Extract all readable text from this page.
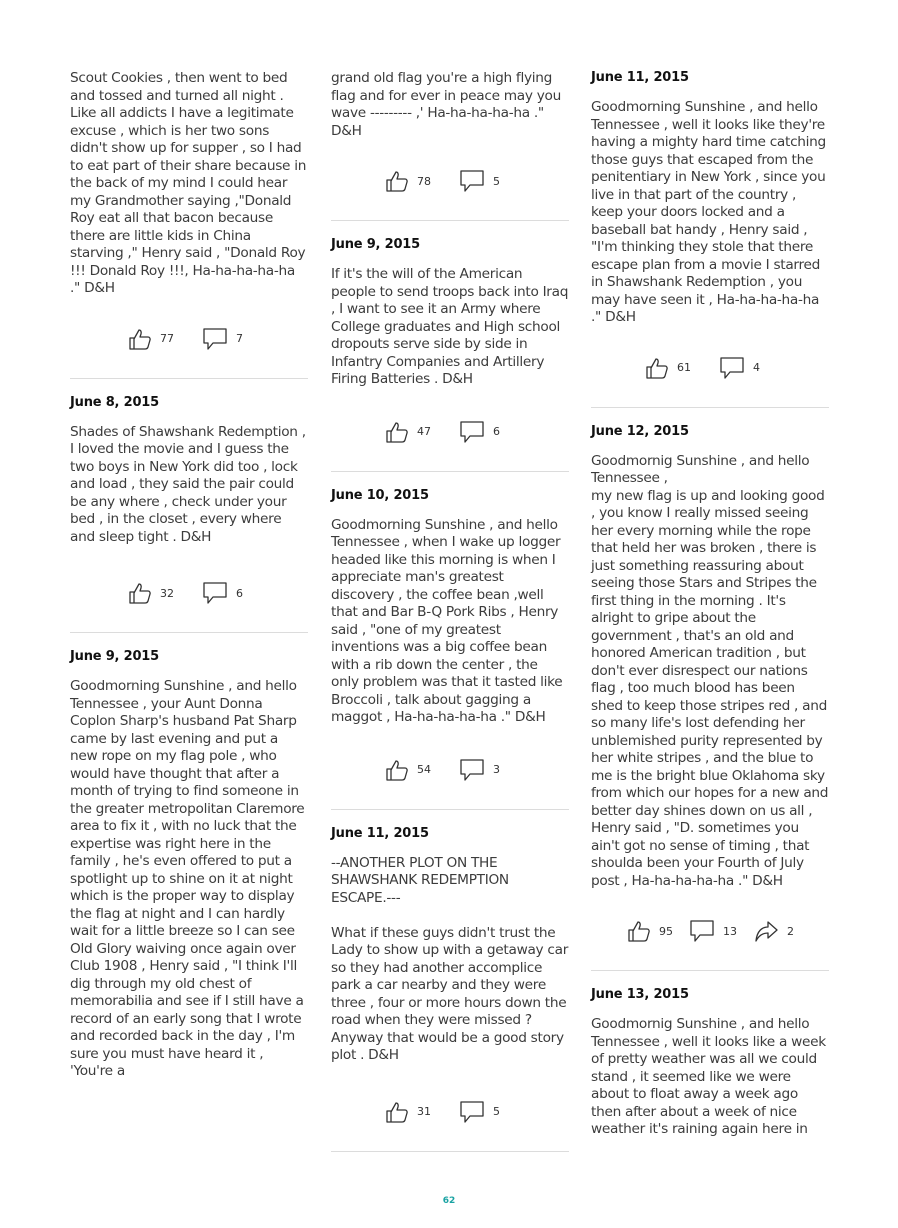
Scout Cookies , then went to bed and tossed and turned all night . Like all addicts I have a legitimate excuse , which is her two sons didn't show up for supper , so I had to eat part of their share because in the back of my mind I could hear my Grandmother saying ,"Donald Roy eat all that bacon because there are little kids in China starving ," Henry said , "Donald Roy !!! Donald Roy !!!, Ha-ha-ha-ha-ha ." D&H

77	7

June 8, 2015

Shades of Shawshank Redemption , I loved the movie and I guess the two boys in New York did too , lock and load , they said the pair could be any where , check under your bed , in the closet , every where and sleep tight . D&H

32	6

June 9, 2015

Goodmorning Sunshine , and hello Tennessee , your Aunt Donna Coplon Sharp's husband Pat Sharp came by last evening and put a new rope on my flag pole , who would have thought that after a month of trying to find someone in the greater metropolitan Claremore area to fix it , with no luck that the expertise was right here in the family , he's even offered to put a spotlight up to shine on it at night which is the proper way to display the flag at night and I can hardly wait for a little breeze so I can see Old Glory waiving once again over Club 1908 , Henry said , "I think I'll dig through my old chest of memorabilia and see if I still have a record of an early song that I wrote and recorded back in the day , I'm sure you must have heard it , 'You're a

grand old flag you're a high flying flag and for ever in peace may you wave --------- ,' Ha-ha-ha-ha-ha ." D&H

78	5

June 9, 2015

If it's the will of the American people to send troops back into Iraq , I want to see it an Army where College graduates and High school dropouts serve side by side in Infantry Companies and Artillery Firing Batteries . D&H

47	6

June 10, 2015

Goodmorning Sunshine , and hello Tennessee , when I wake up logger headed like this morning is when I appreciate man's greatest discovery , the coffee bean ,well that and Bar B-Q Pork Ribs , Henry said , "one of my greatest inventions was a big coffee bean with a rib down the center , the only problem was that it tasted like Broccoli , talk about gagging a maggot , Ha-ha-ha-ha-ha ." D&H

54	3

June 11, 2015

--ANOTHER PLOT ON THE SHAWSHANK REDEMPTION ESCAPE.---

What if these guys didn't trust the Lady to show up with a getaway car so they had another accomplice park a car nearby and they were three , four or more hours down the road when they were missed ? Anyway that would be a good story plot . D&H

31	5

June 11, 2015

Goodmorning Sunshine , and hello Tennessee , well it looks like they're having a mighty hard time catching those guys that escaped from the penitentiary in New York , since you live in that part of the country , keep your doors locked and a baseball bat handy , Henry said , "I'm thinking they stole that there escape plan from a movie I starred in Shawshank Redemption , you may have seen it , Ha-ha-ha-ha-ha ." D&H

61	4

June 12, 2015

Goodmornig Sunshine , and hello Tennessee ,
my new flag is up and looking good , you know I really missed seeing her every morning while the rope that held her was broken , there is just something reassuring about seeing those Stars and Stripes the first thing in the morning . It's alright to gripe about the government , that's an old and honored American tradition , but don't ever disrespect our nations flag , too much blood has been shed to keep those stripes red , and so many life's lost defending her unblemished purity represented by her white stripes , and the blue to me is the bright blue Oklahoma sky from which our hopes for a new and better day shines down on us all , Henry said , "D. sometimes you ain't got no sense of timing , that shoulda been your Fourth of July post , Ha-ha-ha-ha-ha ." D&H

95	13	2

June 13, 2015

Goodmornig Sunshine , and hello Tennessee , well it looks like a week of pretty weather was all we could stand , it seemed like we were about to float away a week ago then after about a week of nice weather it's raining again here in

62
